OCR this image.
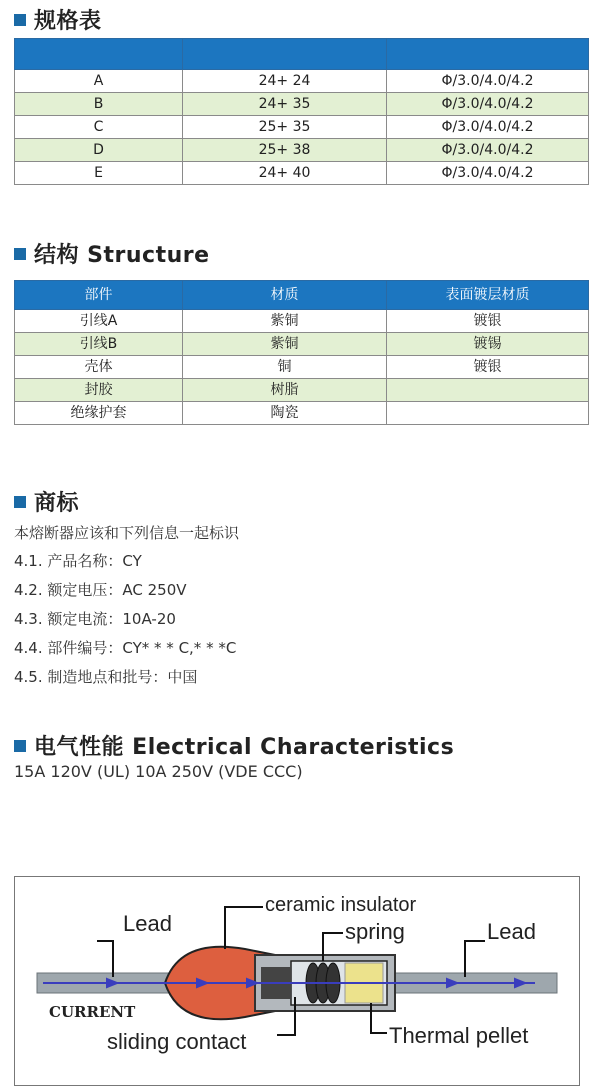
规格表

A	24+ 24	Φ/3.0/4.0/4.2
B	24+ 35	Φ/3.0/4.0/4.2
C	25+ 35	Φ/3.0/4.0/4.2
D	25+ 38	Φ/3.0/4.0/4.2
E	24+ 40	Φ/3.0/4.0/4.2
结构 Structure
部件	材质	表面镀层材质
引线A	紫铜	镀银
引线B	紫铜	镀锡
壳体	铜	镀银
封胶	树脂	
绝缘护套	陶瓷	
商标
本熔断器应该和下列信息一起标识
4.1. 产品名称：CY
4.2. 额定电压：AC 250V
4.3. 额定电流：10A-20
4.4. 部件编号：CY* * * C,* * *C
4.5. 制造地点和批号：中国
电气性能 Electrical Characteristics
15A 120V (UL) 10A 250V (VDE CCC)
Lead
ceramic insulator
spring	Lead
CURRENT
sliding contact	Thermal pellet
